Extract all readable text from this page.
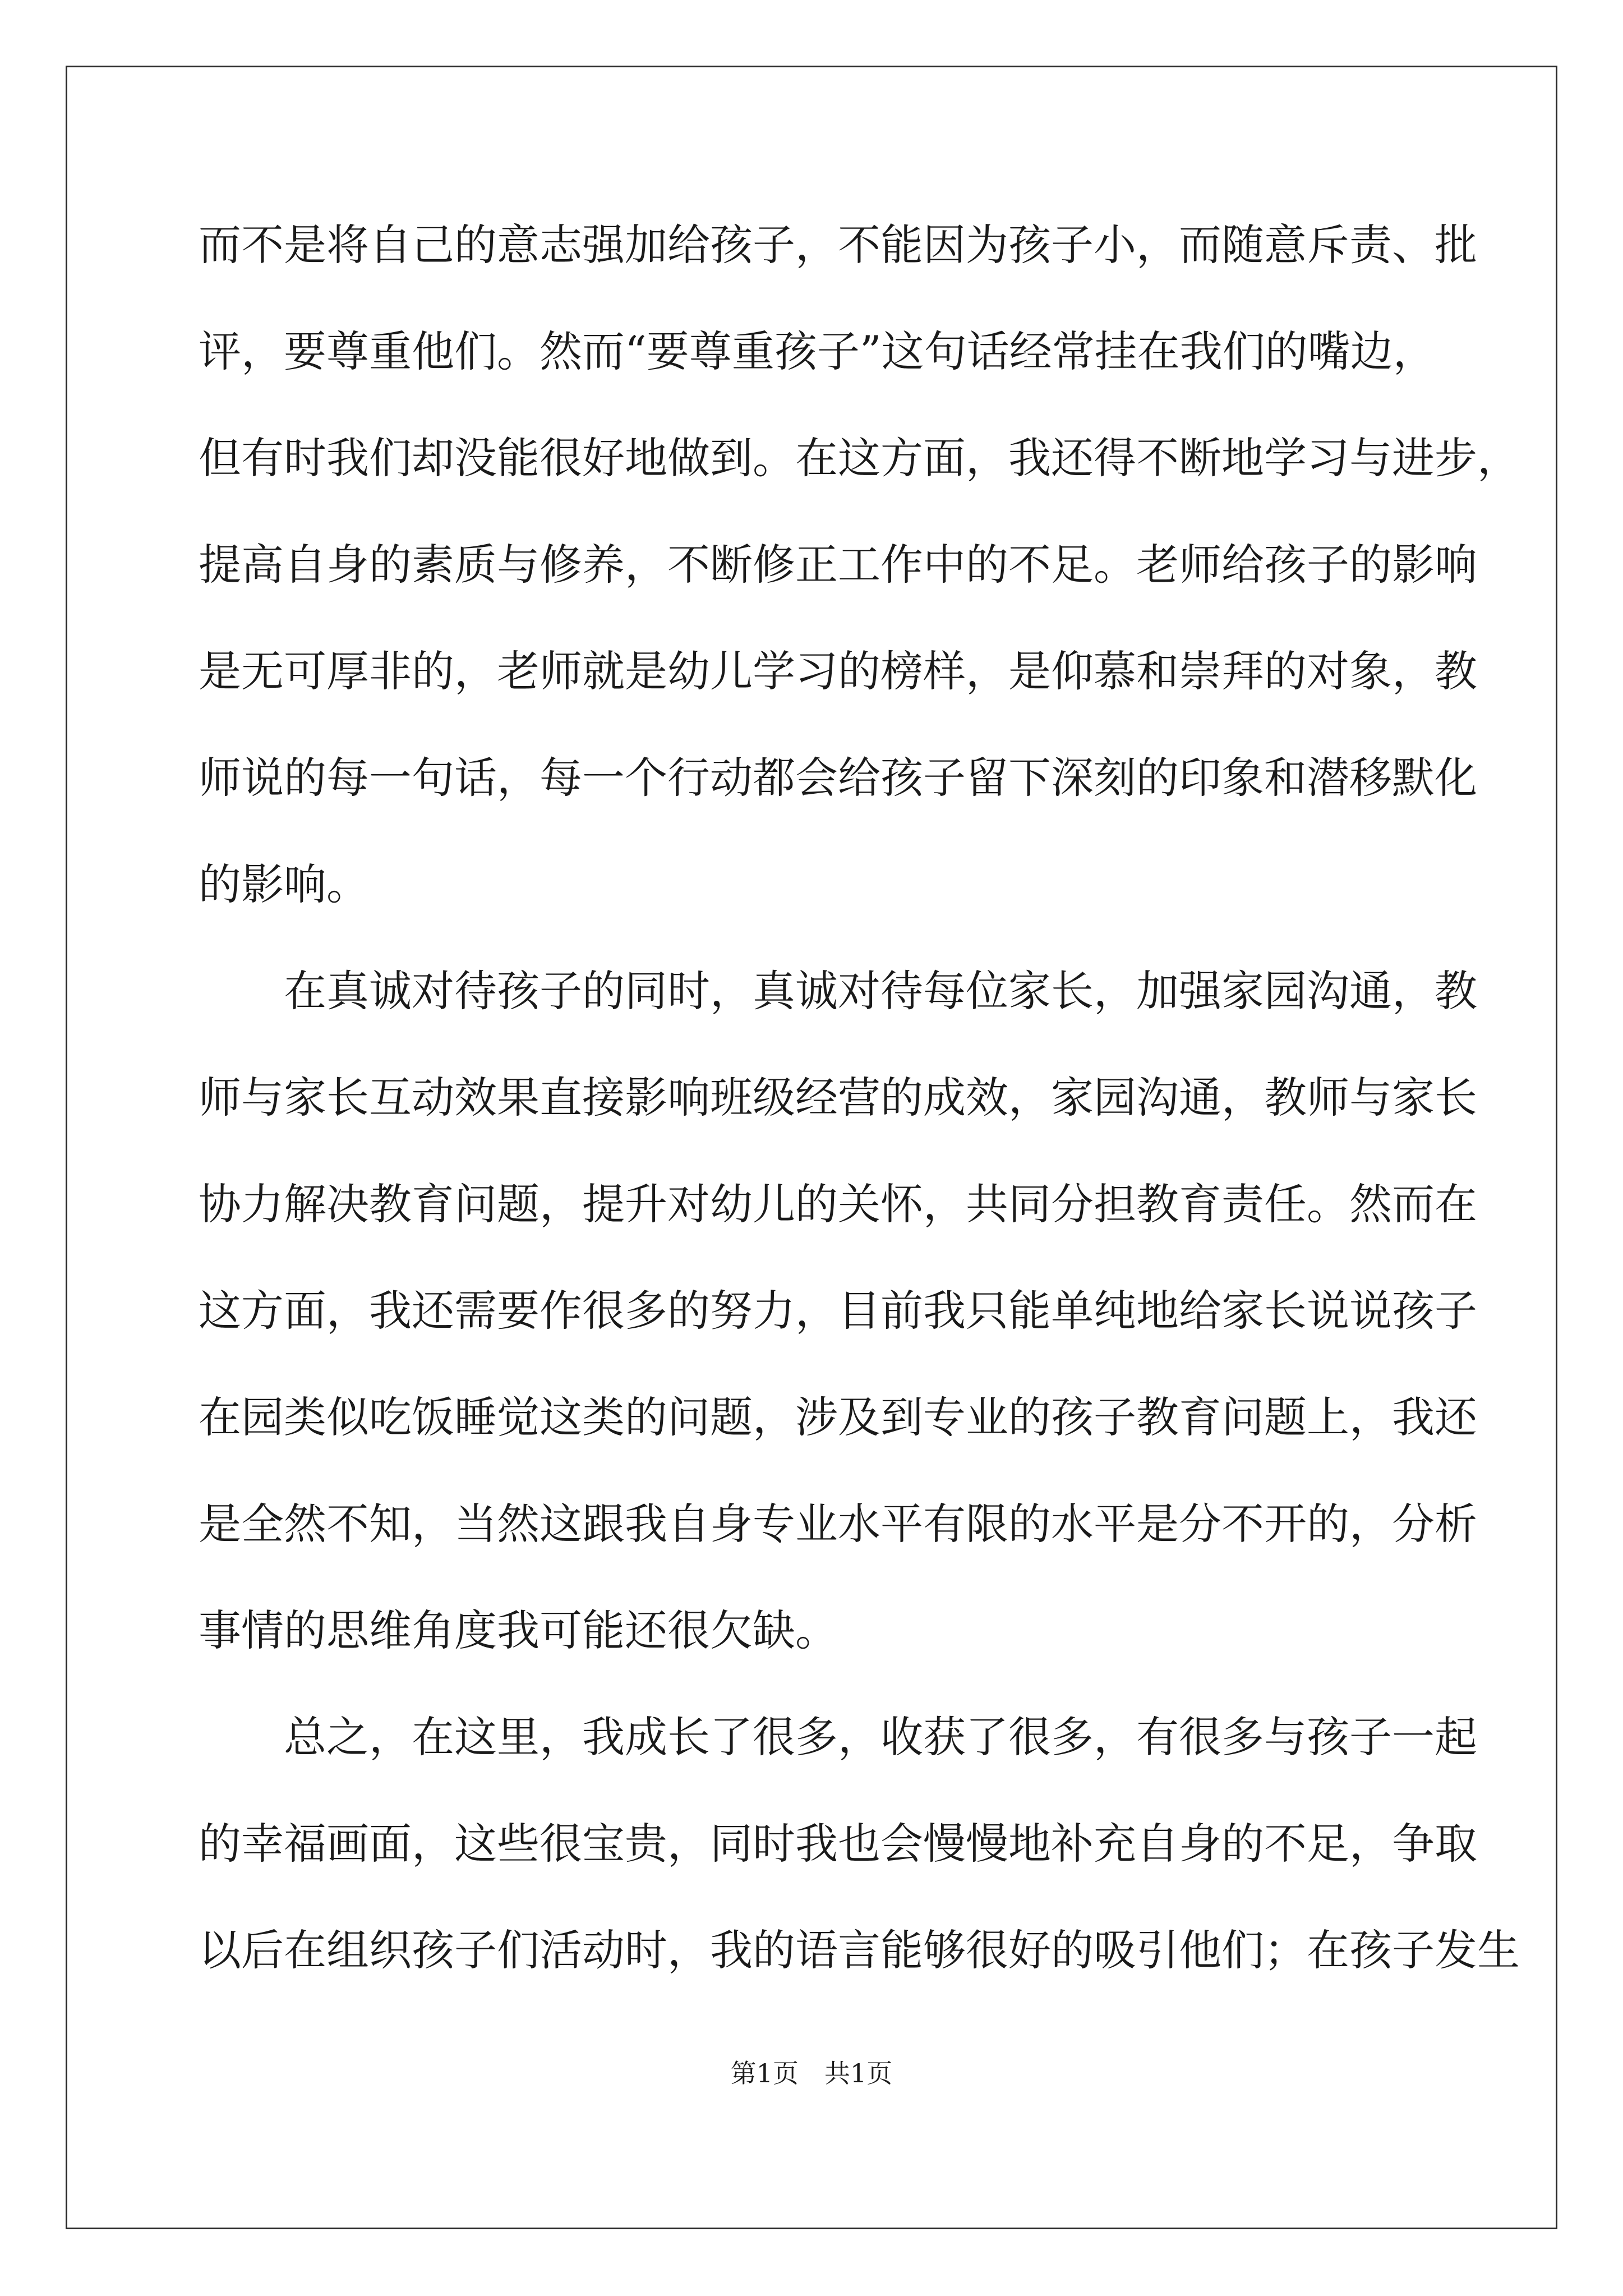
而不是将自己的意志强加给孩子，不能因为孩子小，而随意斥责、批
评，要尊重他们。然而“要尊重孩子”这句话经常挂在我们的嘴边，
但有时我们却没能很好地做到。在这方面，我还得不断地学习与进步，
提高自身的素质与修养，不断修正工作中的不足。老师给孩子的影响
是无可厚非的，老师就是幼儿学习的榜样，是仰慕和崇拜的对象，教
师说的每一句话，每一个行动都会给孩子留下深刻的印象和潜移默化
的影响。
在真诚对待孩子的同时，真诚对待每位家长，加强家园沟通，教
师与家长互动效果直接影响班级经营的成效，家园沟通，教师与家长
协力解决教育问题，提升对幼儿的关怀，共同分担教育责任。然而在
这方面，我还需要作很多的努力，目前我只能单纯地给家长说说孩子
在园类似吃饭睡觉这类的问题，涉及到专业的孩子教育问题上，我还
是全然不知，当然这跟我自身专业水平有限的水平是分不开的，分析
事情的思维角度我可能还很欠缺。
总之，在这里，我成长了很多，收获了很多，有很多与孩子一起
的幸福画面，这些很宝贵，同时我也会慢慢地补充自身的不足，争取
以后在组织孩子们活动时，我的语言能够很好的吸引他们；在孩子发生
第1页　共1页
